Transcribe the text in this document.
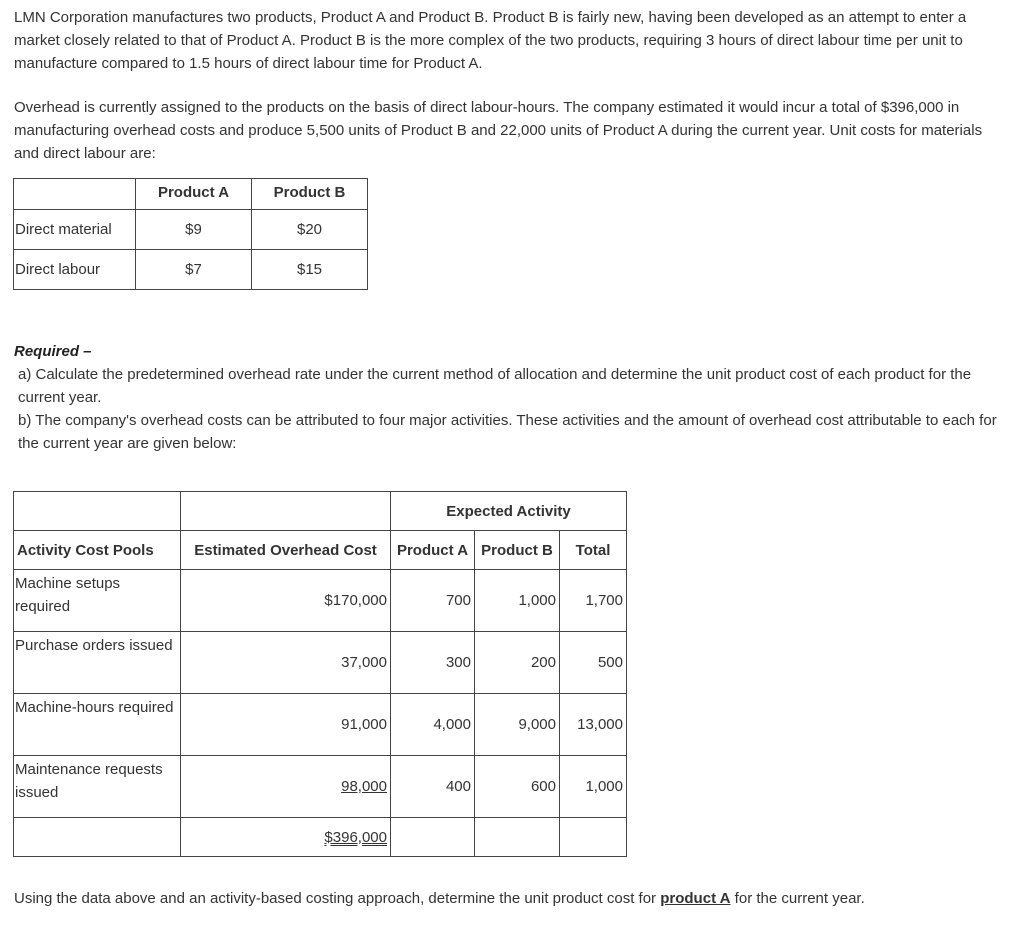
LMN Corporation manufactures two products, Product A and Product B. Product B is fairly new, having been developed as an attempt to enter a market closely related to that of Product A. Product B is the more complex of the two products, requiring 3 hours of direct labour time per unit to manufacture compared to 1.5 hours of direct labour time for Product A.

Overhead is currently assigned to the products on the basis of direct labour-hours. The company estimated it would incur a total of $396,000 in manufacturing overhead costs and produce 5,500 units of Product B and 22,000 units of Product A during the current year. Unit costs for materials and direct labour are:

	Product A	Product B
Direct material	$9	$20
Direct labour	$7	$15
Required –
a) Calculate the predetermined overhead rate under the current method of allocation and determine the unit product cost of each product for the current year.
b) The company's overhead costs can be attributed to four major activities. These activities and the amount of overhead cost attributable to each for the current year are given below:
		Expected Activity		
Activity Cost Pools	Estimated Overhead Cost	Product A	Product B	Total
Machine setups required	$170,000	700	1,000	1,700
Purchase orders issued	37,000	300	200	500
Machine-hours required	91,000	4,000	9,000	13,000
Maintenance requests issued	98,000	400	600	1,000
	$396,000			

Using the data above and an activity-based costing approach, determine the unit product cost for product A for the current year.
